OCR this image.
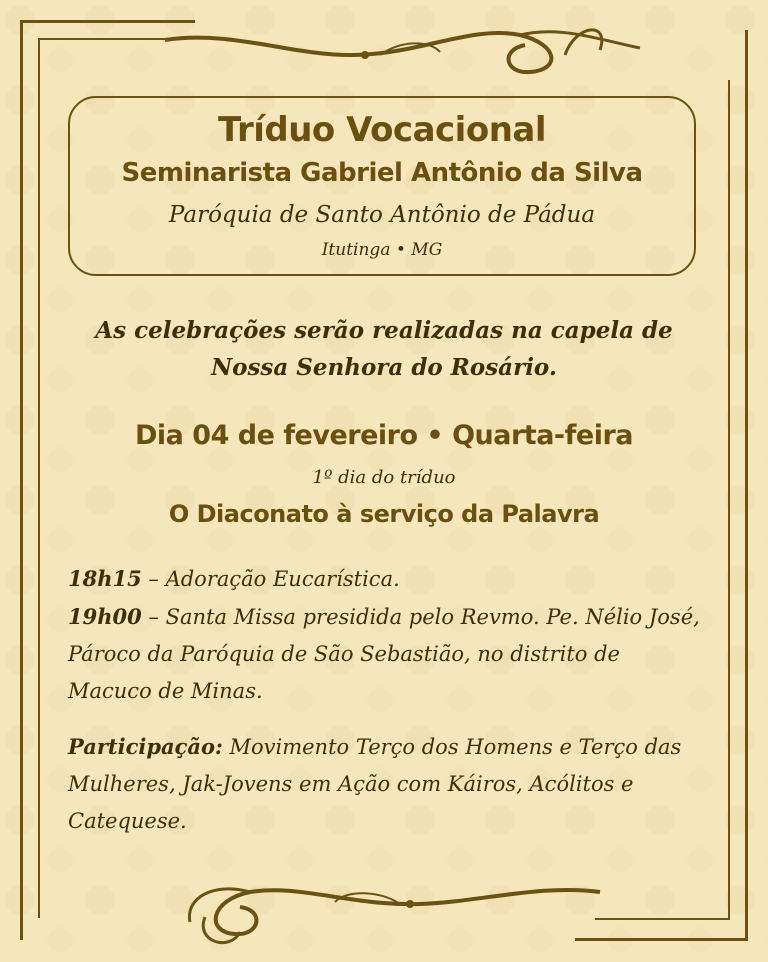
Tríduo Vocacional
Seminarista Gabriel Antônio da Silva
Paróquia de Santo Antônio de Pádua
Itutinga • MG
As celebrações serão realizadas na capela de
Nossa Senhora do Rosário.
Dia 04 de fevereiro • Quarta-feira
1º dia do tríduo
O Diaconato à serviço da Palavra
18h15 – Adoração Eucarística.
19h00 – Santa Missa presidida pelo Revmo. Pe. Nélio José, Pároco da Paróquia de São Sebastião, no distrito de Macuco de Minas.
Participação: Movimento Terço dos Homens e Terço das Mulheres, Jak-Jovens em Ação com Káiros, Acólitos e Catequese.
